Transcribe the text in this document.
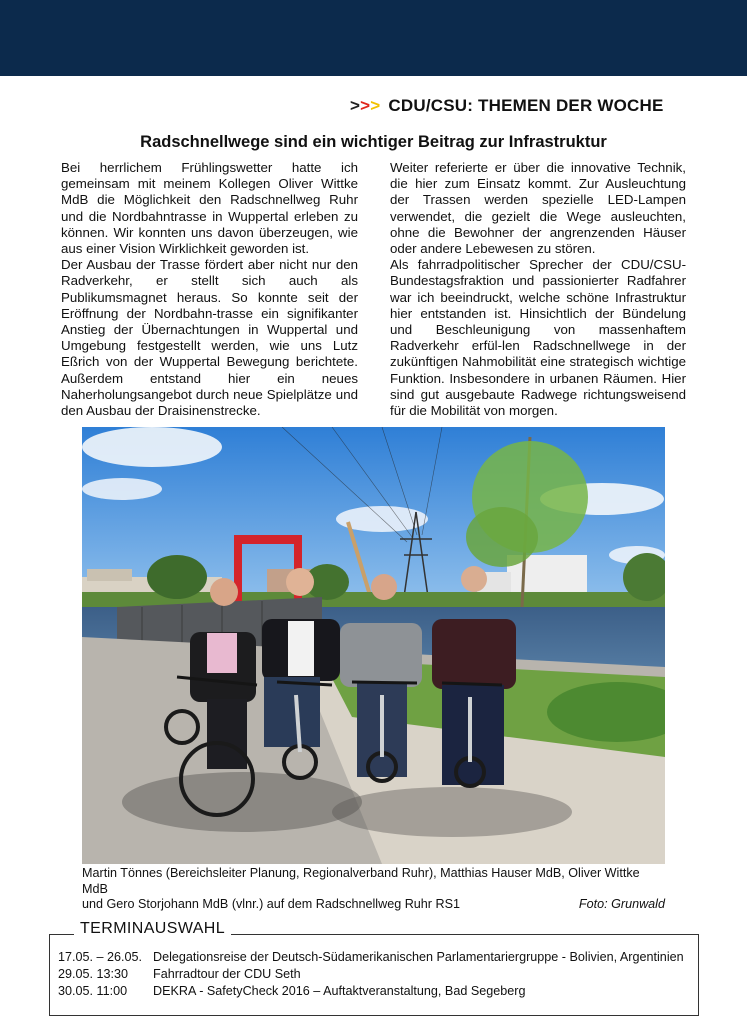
>>> CDU/CSU: THEMEN DER WOCHE
Radschnellwege sind ein wichtiger Beitrag zur Infrastruktur

Bei herrlichem Frühlingswetter hatte ich gemeinsam mit meinem Kollegen Oliver Wittke MdB die Möglichkeit den Radschnellweg Ruhr und die Nordbahntrasse in Wuppertal erleben zu können. Wir konnten uns davon überzeugen, wie aus einer Vision Wirklichkeit geworden ist.

Der Ausbau der Trasse fördert aber nicht nur den Radverkehr, er stellt sich auch als Publikumsmagnet heraus. So konnte seit der Eröffnung der Nordbahn-trasse ein signifikanter Anstieg der Übernachtungen in Wuppertal und Umgebung festgestellt werden, wie uns Lutz Eßrich von der Wuppertal Bewegung berichtete. Außerdem entstand hier ein neues Naherholungsangebot durch neue Spielplätze und den Ausbau der Draisinenstrecke.

Weiter referierte er über die innovative Technik, die hier zum Einsatz kommt. Zur Ausleuchtung der Trassen werden spezielle LED-Lampen verwendet, die gezielt die Wege ausleuchten, ohne die Bewohner der angrenzenden Häuser oder andere Lebewesen zu stören.

Als fahrradpolitischer Sprecher der CDU/CSU-Bundestagsfraktion und passionierter Radfahrer war ich beeindruckt, welche schöne Infrastruktur hier entstanden ist. Hinsichtlich der Bündelung und Beschleunigung von massenhaftem Radverkehr erfül-len Radschnellwege in der zukünftigen Nahmobilität eine strategisch wichtige Funktion. Insbesondere in urbanen Räumen. Hier sind gut ausgebaute Radwege richtungsweisend für die Mobilität von morgen.

Martin Tönnes (Bereichsleiter Planung, Regionalverband Ruhr), Matthias Hauser MdB, Oliver Wittke MdB
und Gero Storjohann MdB (vlnr.) auf dem Radschnellweg Ruhr RS1	Foto: Grunwald
TERMINAUSWAHL
17.05. – 26.05. Delegationsreise der Deutsch-Südamerikanischen Parlamentariergruppe - Bolivien, Argentinien
29.05. 13:30 Fahrradtour der CDU Seth
30.05. 11:00 DEKRA - SafetyCheck 2016 – Auftaktveranstaltung, Bad Segeberg
